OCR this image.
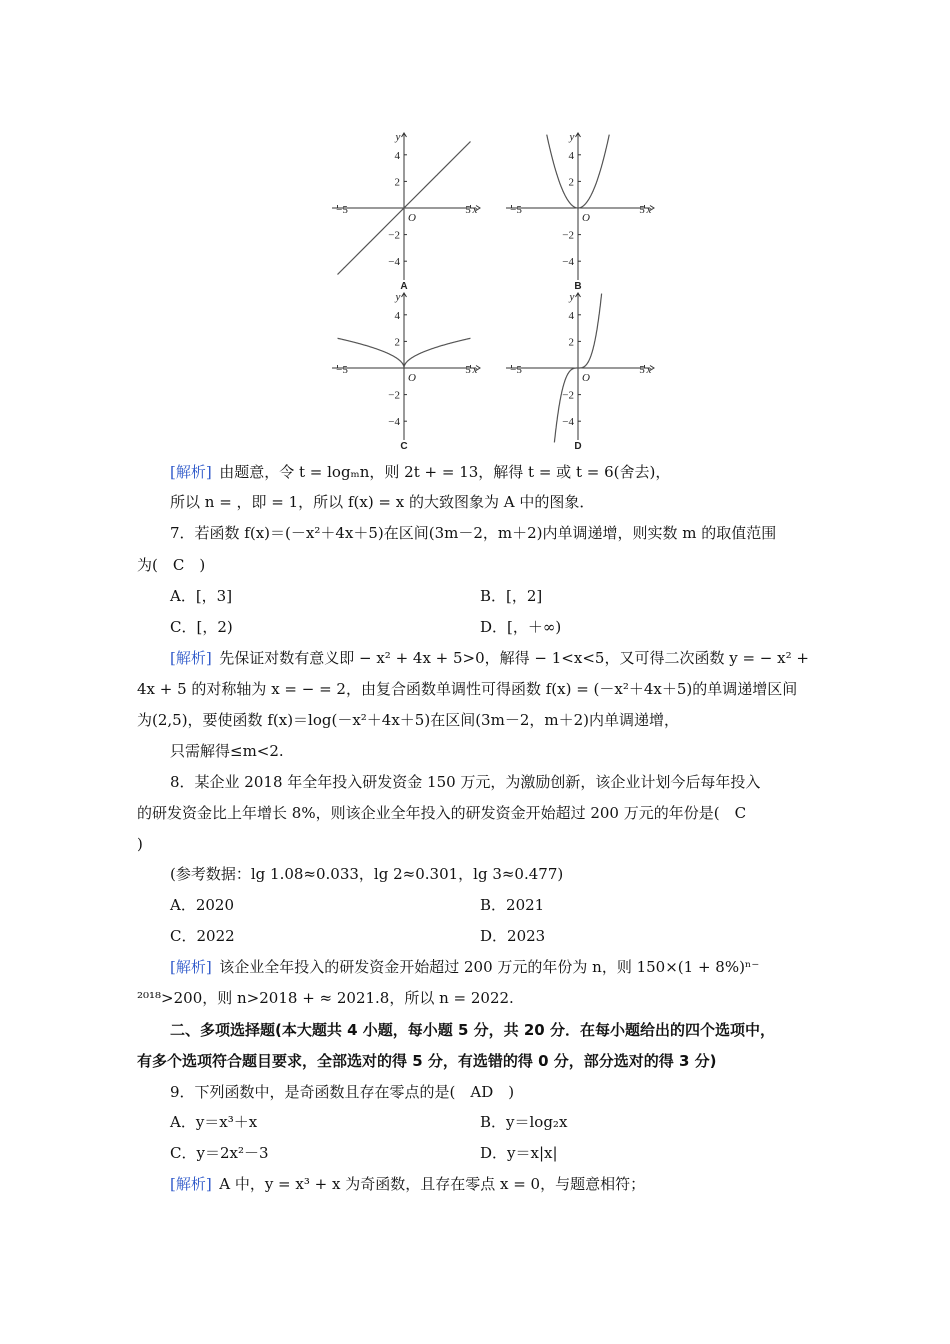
−5	5 x
y
O
4
2
−2
−4
A
−5	5 x
y
O
4
2
−2
−4
B
−5	5 x
y
O
4
2
−2
−4
C
−5	5 x
y
O
4
2
−2
−4
D
[解析]  由题意，令 t = logₘn，则 2t + = 13，解得 t = 或 t = 6(舍去)，
所以 n = ，即 = 1，所以 f(x) = x 的大致图象为 A 中的图象．
7．若函数 f(x)＝(－x²＋4x＋5)在区间(3m－2，m＋2)内单调递增，则实数 m 的取值范围
为(　C　)
A．[，3]	B．[，2]
C．[，2)	D．[，＋∞)
[解析]  先保证对数有意义即 − x² + 4x + 5>0，解得 − 1<x<5，又可得二次函数 y = − x² +
4x + 5 的对称轴为 x = − = 2，由复合函数单调性可得函数 f(x) = (－x²＋4x＋5)的单调递增区间
为(2,5)，要使函数 f(x)＝log(－x²＋4x＋5)在区间(3m－2，m＋2)内单调递增，
只需解得≤m<2.
8．某企业 2018 年全年投入研发资金 150 万元，为激励创新，该企业计划今后每年投入
的研发资金比上年增长 8%，则该企业全年投入的研发资金开始超过 200 万元的年份是(　C
)
(参考数据：lg 1.08≈0.033，lg 2≈0.301，lg 3≈0.477)
A．2020	B．2021
C．2022	D．2023
[解析]  该企业全年投入的研发资金开始超过 200 万元的年份为 n，则 150×(1 + 8%)ⁿ⁻
²⁰¹⁸>200，则 n>2018 + ≈ 2021.8，所以 n = 2022.
二、多项选择题(本大题共 4 小题，每小题 5 分，共 20 分．在每小题给出的四个选项中，
有多个选项符合题目要求，全部选对的得 5 分，有选错的得 0 分，部分选对的得 3 分)
9．下列函数中，是奇函数且存在零点的是(　AD　)
A．y＝x³＋x	B．y＝log₂x
C．y＝2x²－3	D．y＝x|x|
[解析]  A 中，y = x³ + x 为奇函数，且存在零点 x = 0，与题意相符；
